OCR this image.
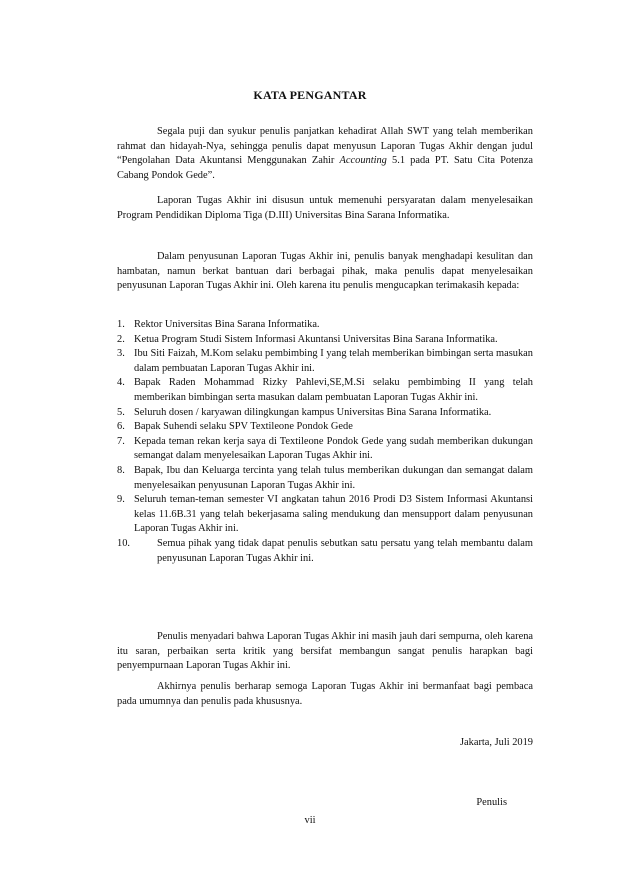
KATA PENGANTAR

Segala puji dan syukur penulis panjatkan kehadirat Allah SWT yang telah memberikan rahmat dan hidayah-Nya, sehingga penulis dapat menyusun Laporan Tugas Akhir dengan judul “Pengolahan Data Akuntansi Menggunakan Zahir Accounting 5.1 pada PT. Satu Cita Potenza Cabang Pondok Gede”.

Laporan Tugas Akhir ini disusun untuk memenuhi persyaratan dalam menyelesaikan Program Pendidikan Diploma Tiga (D.III) Universitas Bina Sarana Informatika.

Dalam penyusunan Laporan Tugas Akhir ini, penulis banyak menghadapi kesulitan dan hambatan, namun berkat bantuan dari berbagai pihak, maka penulis dapat menyelesaikan penyusunan Laporan Tugas Akhir ini. Oleh karena itu penulis mengucapkan terimakasih kepada:

1. Rektor Universitas Bina Sarana Informatika.
2. Ketua Program Studi Sistem Informasi Akuntansi Universitas Bina Sarana Informatika.
3. Ibu Siti Faizah, M.Kom selaku pembimbing I yang telah memberikan bimbingan serta masukan dalam pembuatan Laporan Tugas Akhir ini.
4. Bapak Raden Mohammad Rizky Pahlevi,SE,M.Si selaku pembimbing II yang telah memberikan bimbingan serta masukan dalam pembuatan Laporan Tugas Akhir ini.
5. Seluruh dosen / karyawan dilingkungan kampus Universitas Bina Sarana Informatika.
6. Bapak Suhendi selaku SPV Textileone Pondok Gede
7. Kepada teman rekan kerja saya di Textileone Pondok Gede yang sudah memberikan dukungan semangat dalam menyelesaikan Laporan Tugas Akhir ini.
8. Bapak, Ibu dan Keluarga tercinta yang telah tulus memberikan dukungan dan semangat dalam menyelesaikan penyusunan Laporan Tugas Akhir ini.
9. Seluruh teman-teman semester VI angkatan tahun 2016 Prodi D3 Sistem Informasi Akuntansi kelas 11.6B.31 yang telah bekerjasama saling mendukung dan mensupport dalam penyusunan Laporan Tugas Akhir ini.
10.	Semua pihak yang tidak dapat penulis sebutkan satu persatu yang telah membantu dalam penyusunan Laporan Tugas Akhir ini.

Penulis menyadari bahwa Laporan Tugas Akhir ini masih jauh dari sempurna, oleh karena itu saran, perbaikan serta kritik yang bersifat membangun sangat penulis harapkan bagi penyempurnaan Laporan Tugas Akhir ini.

Akhirnya penulis berharap semoga Laporan Tugas Akhir ini bermanfaat bagi pembaca pada umumnya dan penulis pada khususnya.

Jakarta, Juli 2019
Penulis
vii
